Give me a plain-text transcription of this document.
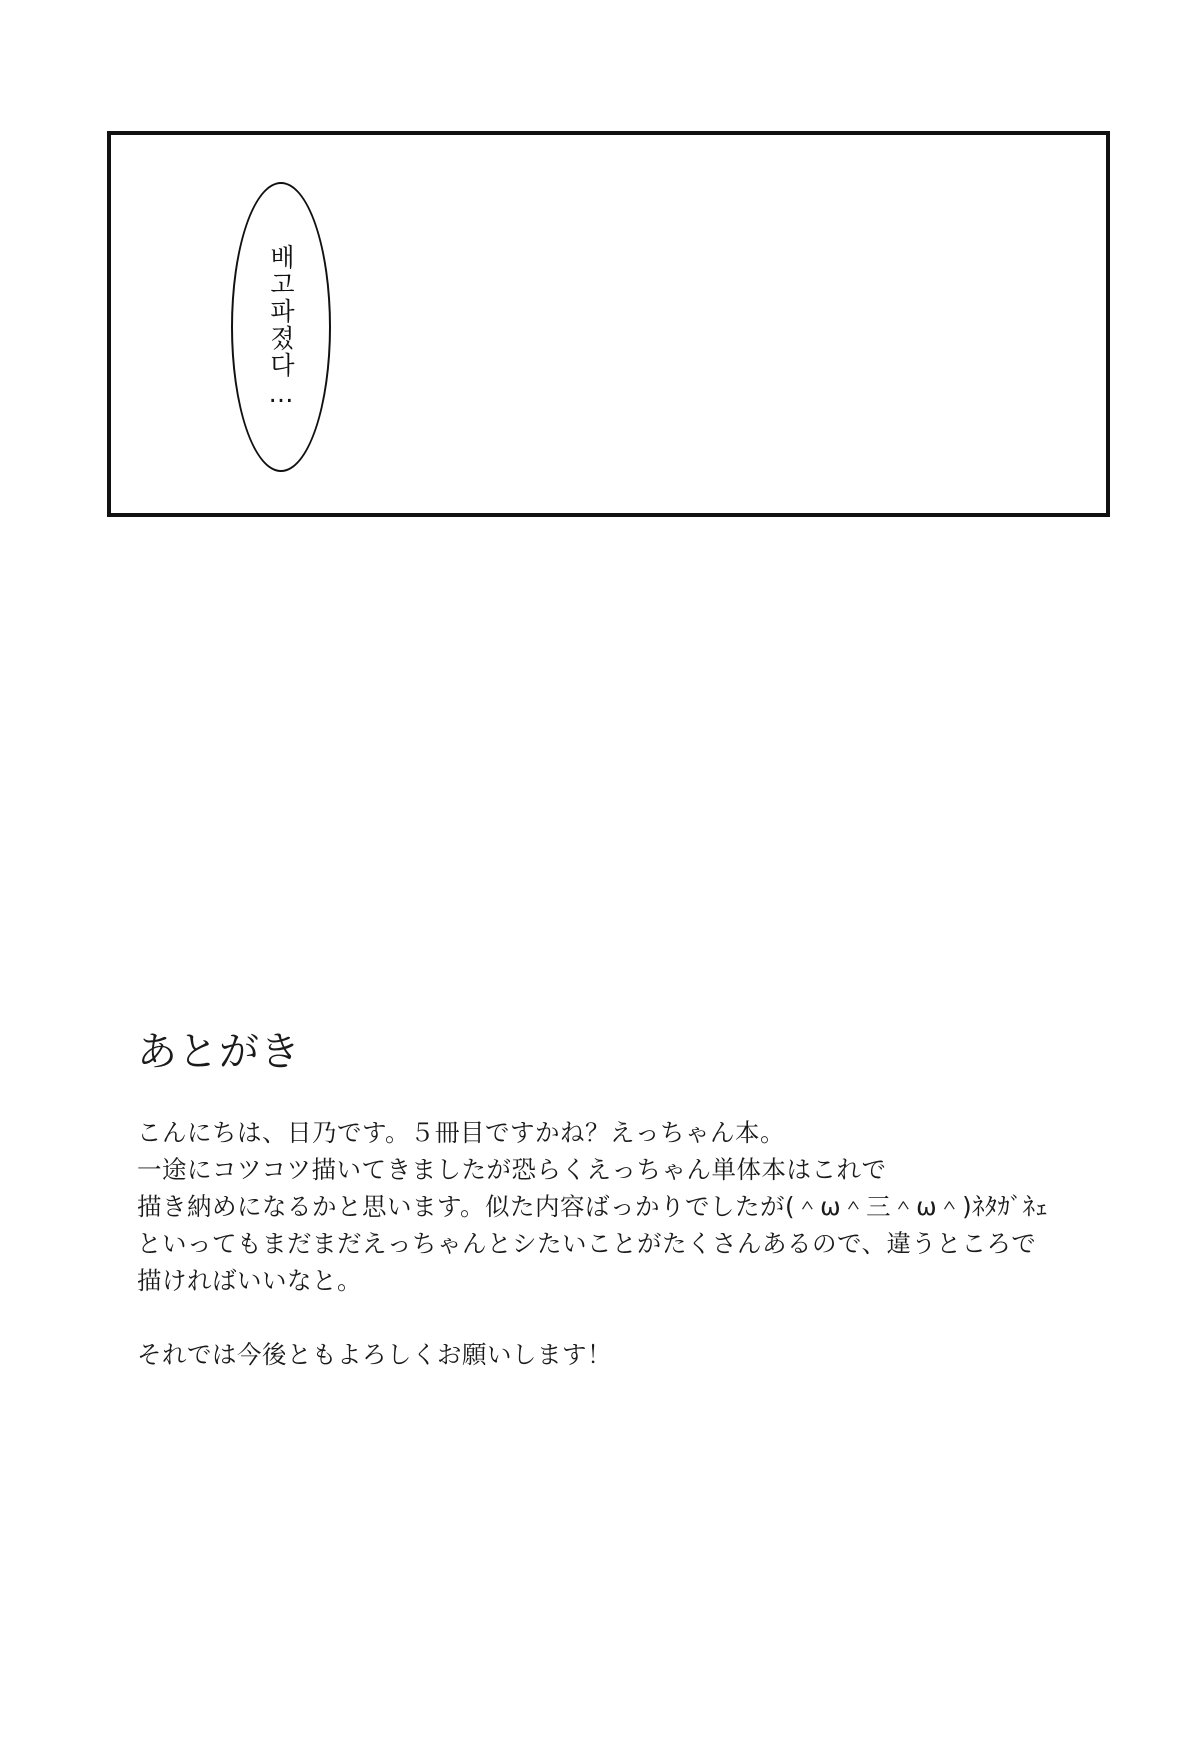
배고파졌다…
あとがき

こんにちは、日乃です。５冊目ですかね？えっちゃん本。

一途にコツコツ描いてきましたが恐らくえっちゃん単体本はこれで

描き納めになるかと思います。似た内容ばっかりでしたが(＾ω＾三＾ω＾)ﾈﾀｶﾞﾈｪ

といってもまだまだえっちゃんとシたいことがたくさんあるので、違うところで

描ければいいなと。

それでは今後ともよろしくお願いします！
